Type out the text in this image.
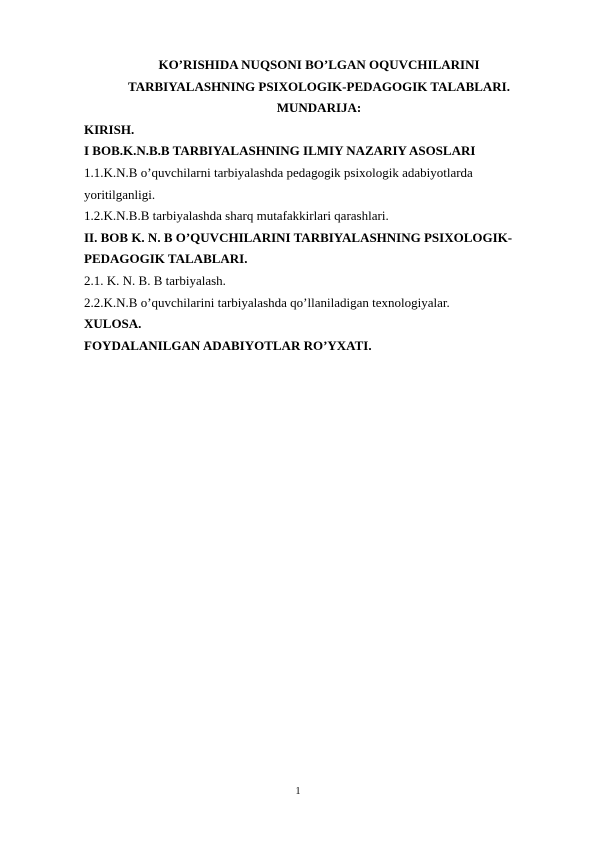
KO’RISHIDA NUQSONI BO’LGAN OQUVCHILARINI
TARBIYALASHNING PSIXOLOGIK-PEDAGOGIK TALABLARI.
MUNDARIJA:
KIRISH.
I BOB.K.N.B.B TARBIYALASHNING ILMIY NAZARIY ASOSLARI
1.1.K.N.B o’quvchilarni tarbiyalashda pedagogik psixologik adabiyotlarda
yoritilganligi.
1.2.K.N.B.B tarbiyalashda sharq mutafakkirlari qarashlari.
II. BOB K. N. B O’QUVCHILARINI TARBIYALASHNING PSIXOLOGIK-
PEDAGOGIK TALABLARI.
2.1. K. N. B. B tarbiyalash.
2.2.K.N.B o’quvchilarini tarbiyalashda qo’llaniladigan texnologiyalar.
XULOSA.
FOYDALANILGAN ADABIYOTLAR RO’YXATI.
1
